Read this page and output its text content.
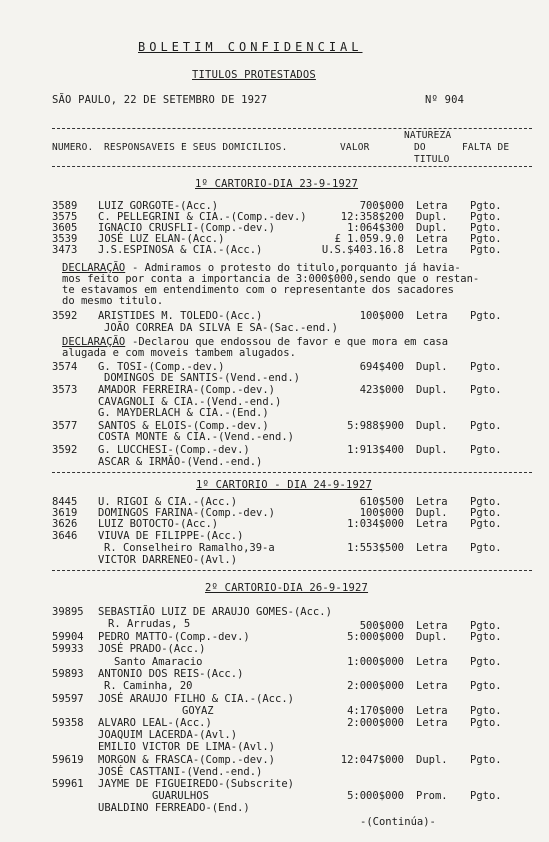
BOLETIM CONFIDENCIAL
TITULOS PROTESTADOS
SÃO PAULO, 22 DE SETEMBRO DE 1927	Nº 904
NUMERO. RESPONSAVEIS E SEUS DOMICILIOS.	VALOR
NATUREZA
DO
TITULO
FALTA DE
1º CARTORIO-DIA 23-9-1927
3589 LUIZ GORGOTE-(Acc.)	700$000 Letra Pgto.
3575 C. PELLEGRINI & CIA.-(Comp.-dev.)	12:358$200 Dupl. Pgto.
3605 IGNACIO CRUSFLI-(Comp.-dev.)	1:064$300 Dupl. Pgto.
3539 JOSÉ LUZ ELAN-(Acc.)	£ 1.059.9.0 Letra Pgto.
3473 J.S.ESPINOSA & CIA.-(Acc.)	U.S.$403.16.8 Letra Pgto.
DECLARAÇÃO - Admiramos o protesto do titulo,porquanto já havia-
mos feito por conta a importancia de 3:000$000,sendo que o restan-
te estavamos em entendimento com o representante dos sacadores
do mesmo titulo.
3592 ARISTIDES M. TOLEDO-(Acc.)	100$000 Letra Pgto.
JOÃO CORREA DA SILVA E SA-(Sac.-end.)
DECLARAÇÃO -Declarou que endossou de favor e que mora em casa
alugada e com moveis tambem alugados.
3574 G. TOSI-(Comp.-dev.)	694$400 Dupl. Pgto.
DOMINGOS DE SANTIS-(Vend.-end.)
3573 AMADOR FERREIRA-(Comp.-dev.)	423$000 Dupl. Pgto.
CAVAGNOLI & CIA.-(Vend.-end.)
G. MAYDERLACH & CIA.-(End.)
3577 SANTOS & ELOIS-(Comp.-dev.)	5:988$900 Dupl. Pgto.
COSTA MONTE & CIA.-(Vend.-end.)
3592 G. LUCCHESI-(Comp.-dev.)	1:913$400 Dupl. Pgto.
ASCAR & IRMÃO-(Vend.-end.)
1º CARTORIO - DIA 24-9-1927
8445 U. RIGOI & CIA.-(Acc.)	610$500 Letra Pgto.
3619 DOMINGOS FARINA-(Comp.-dev.)	100$000 Dupl. Pgto.
3626 LUIZ BOTOCTO-(Acc.)	1:034$000 Letra Pgto.
3646 VIUVA DE FILIPPE-(Acc.)
R. Conselheiro Ramalho,39-a	1:553$500 Letra Pgto.
VICTOR DARRENEO-(Avl.)
2º CARTORIO-DIA 26-9-1927
39895 SEBASTIÃO LUIZ DE ARAUJO GOMES-(Acc.)
R. Arrudas, 5	500$000 Letra Pgto.
59904 PEDRO MATTO-(Comp.-dev.)	5:000$000 Dupl. Pgto.
59933 JOSÉ PRADO-(Acc.)
Santo Amaracio	1:000$000 Letra Pgto.
59893 ANTONIO DOS REIS-(Acc.)
R. Caminha, 20	2:000$000 Letra Pgto.
59597 JOSÉ ARAUJO FILHO & CIA.-(Acc.)
GOYAZ	4:170$000 Letra Pgto.
59358 ALVARO LEAL-(Acc.)	2:000$000 Letra Pgto.
JOAQUIM LACERDA-(Avl.)
EMILIO VICTOR DE LIMA-(Avl.)
59619 MORGON & FRASCA-(Comp.-dev.)	12:047$000 Dupl. Pgto.
JOSÉ CASTTANI-(Vend.-end.)
59961 JAYME DE FIGUEIREDO-(Subscrite)
GUARULHOS	5:000$000 Prom. Pgto.
UBALDINO FERREADO-(End.)
-(Continúa)-
